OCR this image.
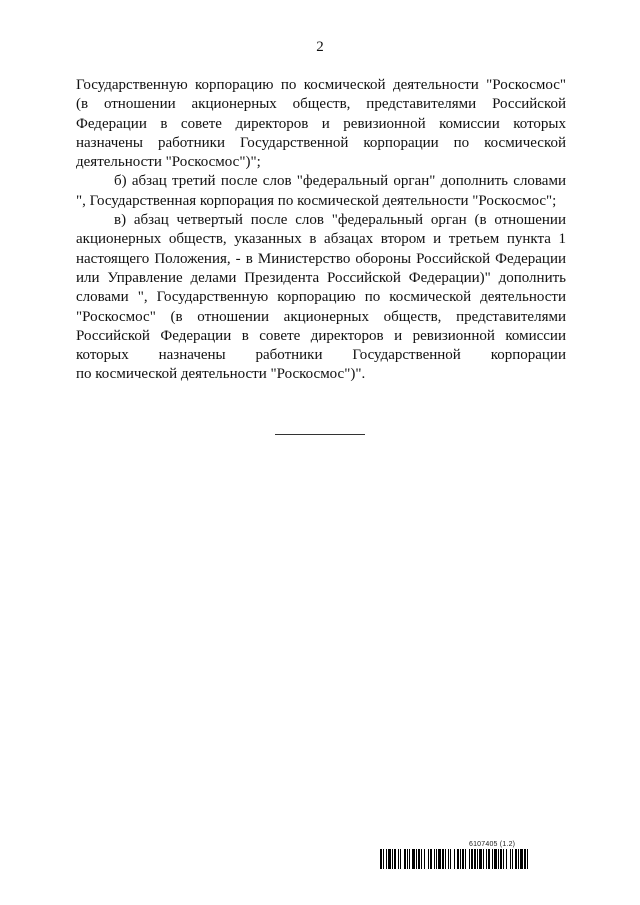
2

Государственную корпорацию по космической деятельности "Роскосмос"
(в отношении акционерных обществ, представителями Российской
Федерации в совете директоров и ревизионной комиссии которых
назначены работники Государственной корпорации по космической
деятельности "Роскосмос")";

б) абзац третий после слов "федеральный орган" дополнить словами
", Государственная корпорация по космической деятельности "Роскосмос";

в) абзац четвертый после слов "федеральный орган (в отношении
акционерных обществ, указанных в абзацах втором и третьем пункта 1
настоящего Положения, - в Министерство обороны Российской Федерации
или Управление делами Президента Российской Федерации)" дополнить
словами ", Государственную корпорацию по космической деятельности
"Роскосмос" (в отношении акционерных обществ, представителями
Российской Федерации в совете директоров и ревизионной комиссии
которых назначены работники Государственной корпорации
по космической деятельности "Роскосмос")".

6107405 (1.2)
